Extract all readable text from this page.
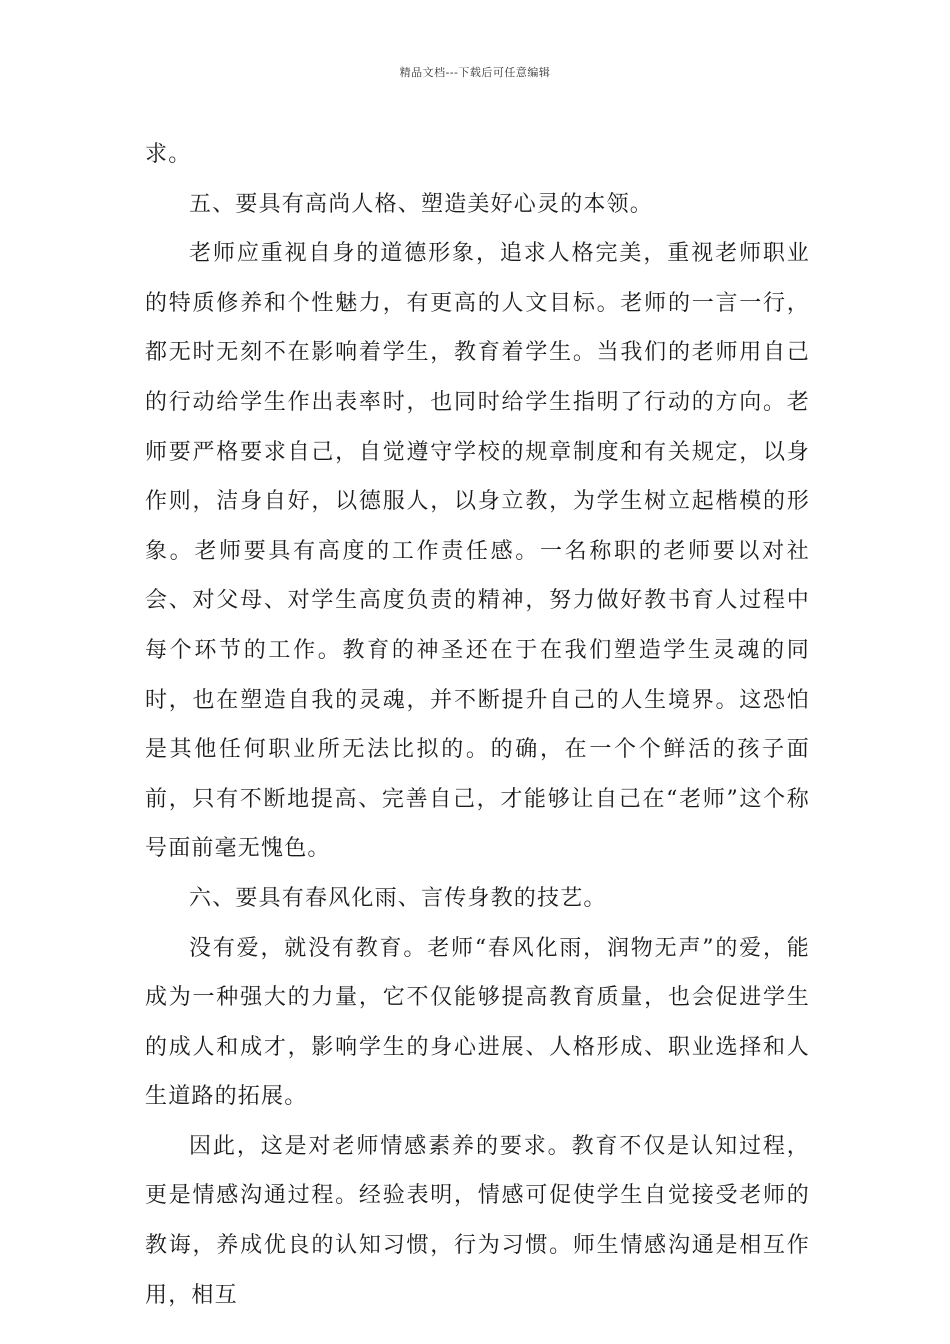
精品文档---下载后可任意编辑

求。

五、要具有高尚人格、塑造美好心灵的本领。

老师应重视自身的道德形象，追求人格完美，重视老师职业的特质修养和个性魅力，有更高的人文目标。老师的一言一行，都无时无刻不在影响着学生，教育着学生。当我们的老师用自己的行动给学生作出表率时，也同时给学生指明了行动的方向。老师要严格要求自己，自觉遵守学校的规章制度和有关规定，以身作则，洁身自好，以德服人，以身立教，为学生树立起楷模的形象。老师要具有高度的工作责任感。一名称职的老师要以对社会、对父母、对学生高度负责的精神，努力做好教书育人过程中每个环节的工作。教育的神圣还在于在我们塑造学生灵魂的同时，也在塑造自我的灵魂，并不断提升自己的人生境界。这恐怕是其他任何职业所无法比拟的。的确，在一个个鲜活的孩子面前，只有不断地提高、完善自己，才能够让自己在“老师”这个称号面前毫无愧色。

六、要具有春风化雨、言传身教的技艺。

没有爱，就没有教育。老师“春风化雨，润物无声”的爱，能成为一种强大的力量，它不仅能够提高教育质量，也会促进学生的成人和成才，影响学生的身心进展、人格形成、职业选择和人生道路的拓展。

因此，这是对老师情感素养的要求。教育不仅是认知过程，更是情感沟通过程。经验表明，情感可促使学生自觉接受老师的教诲，养成优良的认知习惯，行为习惯。师生情感沟通是相互作用，相互
